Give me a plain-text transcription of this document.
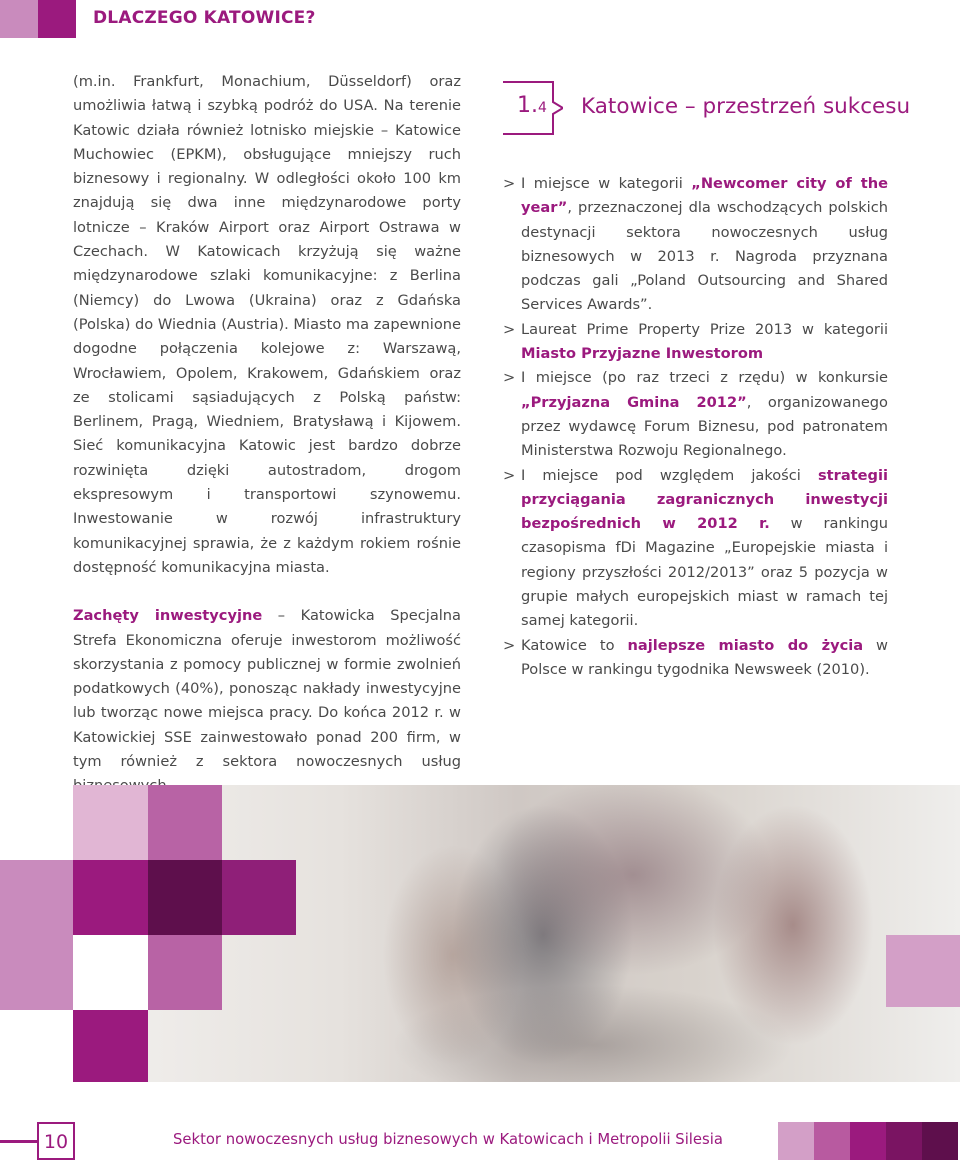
DLACZEGO KATOWICE?

(m.in. Frankfurt, Monachium, Düsseldorf) oraz umożliwia łatwą i szybką podróż do USA. Na terenie Katowic działa również lotnisko miejskie – Katowice Muchowiec (EPKM), obsługujące mniejszy ruch biznesowy i regionalny. W odległości około 100 km znajdują się dwa inne międzynarodowe porty lotnicze – Kraków Airport oraz Airport Ostrawa w Czechach. W Katowicach krzyżują się ważne międzynarodowe szlaki komunikacyjne: z Berlina (Niemcy) do Lwowa (Ukraina) oraz z Gdańska (Polska) do Wiednia (Austria). Miasto ma zapewnione dogodne połączenia kolejowe z: Warszawą, Wrocławiem, Opolem, Krakowem, Gdańskiem oraz ze stolicami sąsiadujących z Polską państw: Berlinem, Pragą, Wiedniem, Bratysławą i Kijowem. Sieć komunikacyjna Katowic jest bardzo dobrze rozwinięta dzięki autostradom, drogom ekspresowym i transportowi szynowemu. Inwestowanie w rozwój infrastruktury komunikacyjnej sprawia, że z każdym rokiem rośnie dostępność komunikacyjna miasta.

Zachęty inwestycyjne – Katowicka Specjalna Strefa Ekonomiczna oferuje inwestorom możliwość skorzystania z pomocy publicznej w formie zwolnień podatkowych (40%), ponosząc nakłady inwestycyjne lub tworząc nowe miejsca pracy. Do końca 2012 r. w Katowickiej SSE zainwestowało ponad 200 firm, w tym również z sektora nowoczesnych usług

1.4 Katowice – przestrzeń sukcesu
> I miejsce w kategorii „Newcomer city of the year”, przeznaczonej dla wschodzących polskich destynacji sektora nowoczesnych usług biznesowych w 2013 r. Nagroda przyznana podczas gali „Poland Outsourcing and Shared Services Awards”.
> Laureat Prime Property Prize 2013 w kategorii Miasto Przyjazne Inwestorom
> I miejsce (po raz trzeci z rzędu) w konkursie „Przyjazna Gmina 2012”, organizowanego przez wydawcę Forum Biznesu, pod patronatem Ministerstwa Rozwoju Regionalnego.
> I miejsce pod względem jakości strategii przyciągania zagranicznych inwestycji bezpośrednich w 2012 r. w rankingu czasopisma fDi Magazine „Europejskie miasta i regiony przyszłości 2012/2013” oraz 5 pozycja w grupie małych europejskich miast w ramach tej samej kategorii.
> Katowice to najlepsze miasto do życia w Polsce w rankingu tygodnika Newsweek (2010).
10	Sektor nowoczesnych usług biznesowych w Katowicach i Metropolii Silesia
